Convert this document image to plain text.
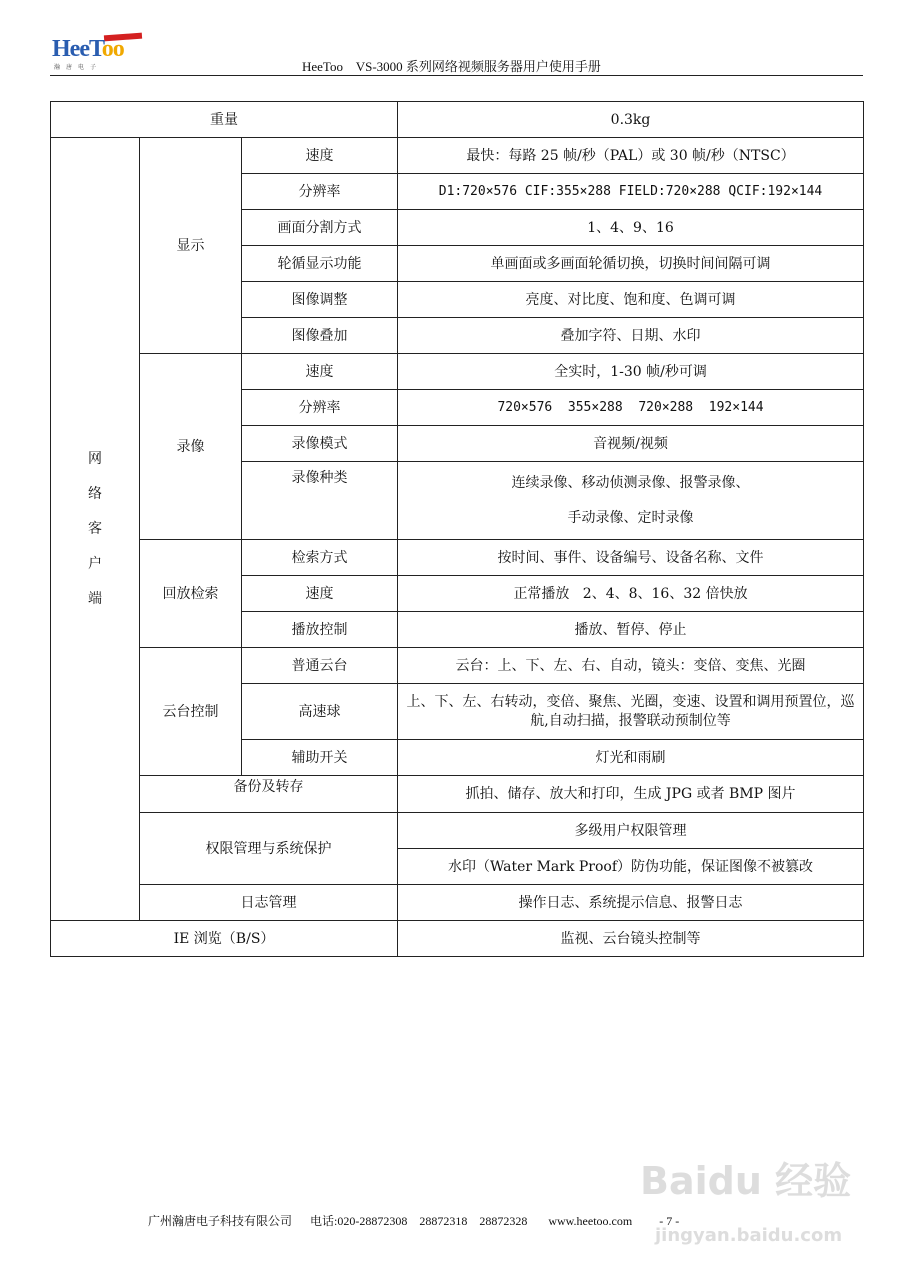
HeeToo
瀚唐电子	HeeToo    VS-3000 系列网络视频服务器用户使用手册
重量			0.3kg
网络客户端	显示	速度	最快：每路 25 帧/秒（PAL）或 30 帧/秒（NTSC）
		分辨率	D1:720×576 CIF:355×288 FIELD:720×288 QCIF:192×144
		画面分割方式	1、4、9、16
		轮循显示功能	单画面或多画面轮循切换，切换时间间隔可调
		图像调整	亮度、对比度、饱和度、色调可调
		图像叠加	叠加字符、日期、水印
	录像	速度	全实时，1-30 帧/秒可调
		分辨率	720×576  355×288  720×288  192×144
		录像模式	音视频/视频
		录像种类	连续录像、移动侦测录像、报警录像、
手动录像、定时录像

	回放检索	检索方式	按时间、事件、设备编号、设备名称、文件
		速度	正常播放   2、4、8、16、32 倍快放
		播放控制	播放、暂停、停止
	云台控制	普通云台	云台：上、下、左、右、自动，镜头：变倍、变焦、光圈
		高速球	上、下、左、右转动，变倍、聚焦、光圈，变速、设置和调用预置位，巡航,自动扫描，报警联动预制位等
		辅助开关	灯光和雨刷
	备份及转存		抓拍、储存、放大和打印，生成 JPG 或者 BMP 图片
	权限管理与系统保护		多级用户权限管理
			水印（Water Mark Proof）防伪功能，保证图像不被篡改
	日志管理		操作日志、系统提示信息、报警日志
IE 浏览（B/S）			监视、云台镜头控制等
Baidu 经验
jingyan.baidu.com
广州瀚唐电子科技有限公司      电话:020-28872308    28872318    28872328       www.heetoo.com         - 7 -
